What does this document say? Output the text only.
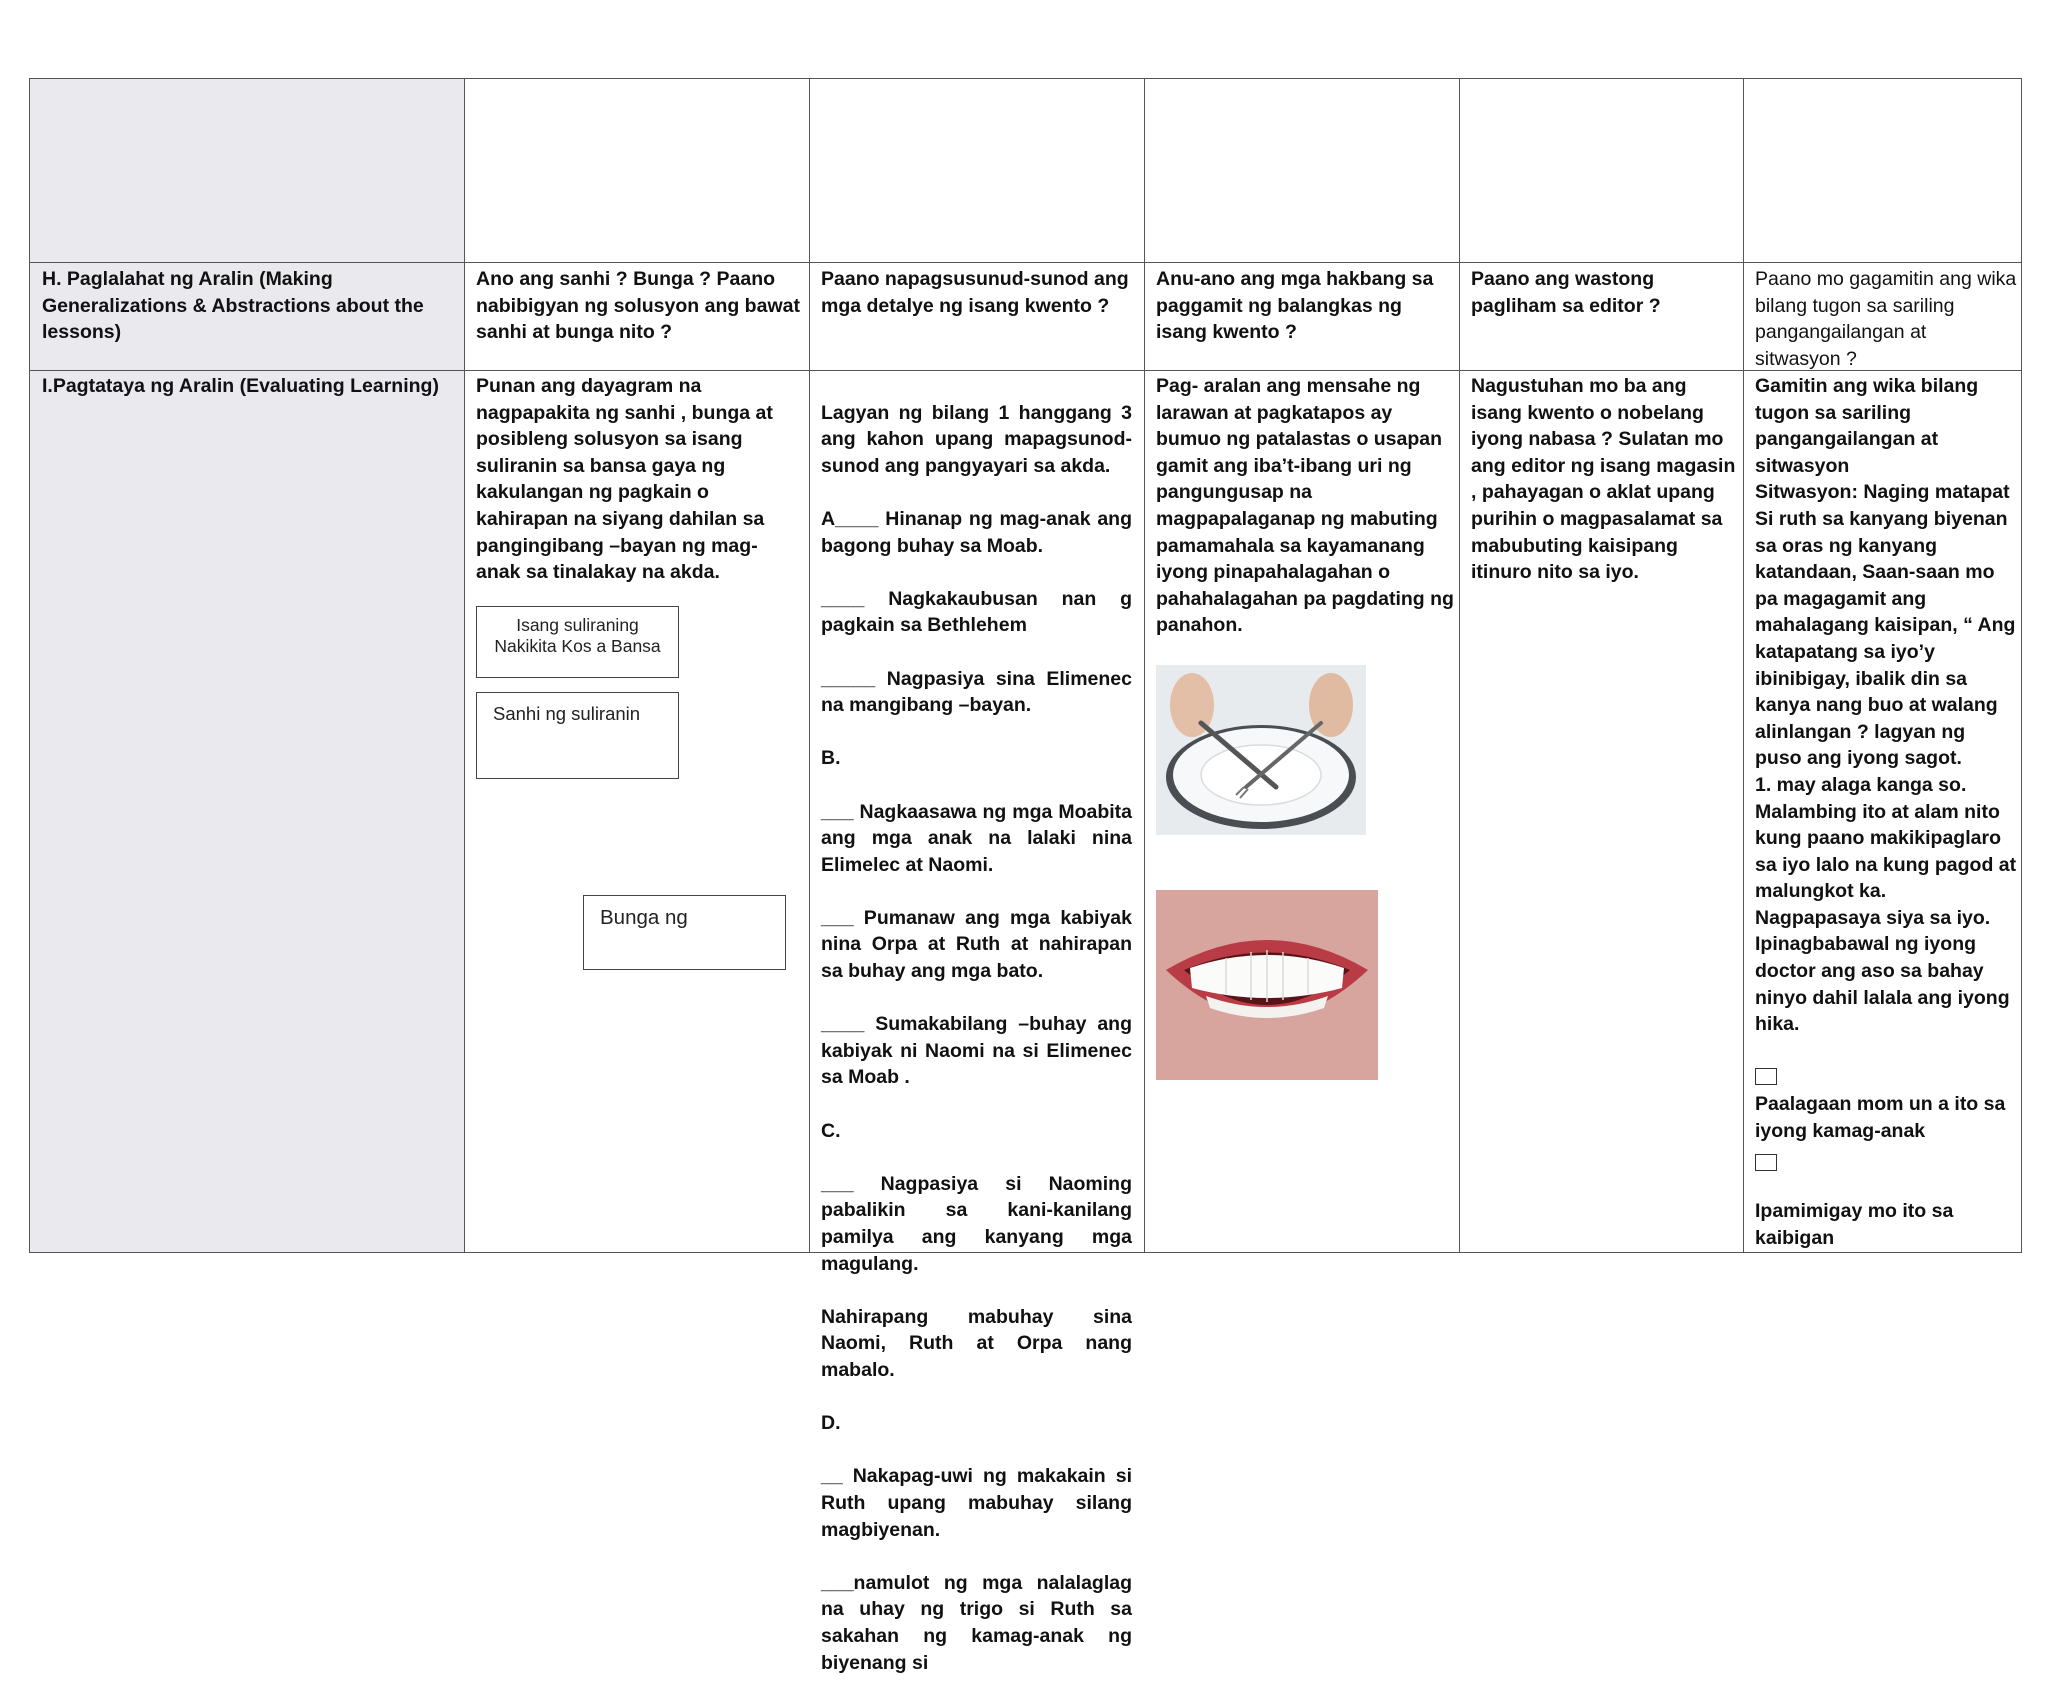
H. Paglalahat ng Aralin (Making Generalizations & Abstractions about the lessons)
Ano ang sanhi ? Bunga ? Paano nabibigyan ng solusyon ang bawat sanhi at bunga nito ?
Paano napagsusunud-sunod ang mga detalye ng isang kwento ?
Anu-ano ang mga hakbang sa paggamit ng balangkas ng isang kwento ?
Paano ang wastong pagliham sa editor ?
Paano mo gagamitin ang wika bilang tugon sa sariling pangangailangan at sitwasyon ?
I.Pagtataya ng Aralin (Evaluating Learning)	Punan ang dayagram na nagpapakita ng sanhi , bunga at posibleng solusyon sa isang suliranin sa bansa gaya ng kakulangan ng pagkain o kahirapan na siyang dahilan sa pangingibang –bayan ng mag-anak sa tinalakay na akda.
Isang suliraning
Nakikita Kos a Bansa
Sanhi ng suliranin
Bunga ng

Lagyan ng bilang 1 hanggang 3 ang kahon upang mapagsunod-sunod ang pangyayari sa akda.

A____ Hinanap ng mag-anak ang bagong buhay sa Moab.

____ Nagkakaubusan nan g pagkain sa Bethlehem

_____ Nagpasiya sina Elimenec na mangibang –bayan.

B.

___ Nagkaasawa ng mga Moabita ang mga anak na lalaki nina Elimelec at Naomi.

___ Pumanaw ang mga kabiyak nina Orpa at Ruth at nahirapan sa buhay ang mga bato.

____ Sumakabilang –buhay ang kabiyak ni Naomi na si Elimenec sa Moab .

C.

___ Nagpasiya si Naoming pabalikin sa kani-kanilang pamilya ang kanyang mga magulang.

Nahirapang mabuhay sina Naomi, Ruth at Orpa nang mabalo.

D.

__ Nakapag-uwi ng makakain si Ruth upang mabuhay silang magbiyenan.

___namulot ng mga nalalaglag na uhay ng trigo si Ruth sa sakahan ng kamag-anak ng biyenang si

Pag- aralan ang mensahe ng larawan at pagkatapos ay bumuo ng patalastas o usapan gamit ang iba’t-ibang uri ng pangungusap na magpapalaganap ng mabuting pamamahala sa kayamanang iyong pinapahalagahan o pahahalagahan pa pagdating ng panahon.
Nagustuhan mo ba ang isang kwento o nobelang iyong nabasa ? Sulatan mo ang editor ng isang magasin , pahayagan o aklat upang purihin o magpasalamat sa mabubuting kaisipang itinuro nito sa iyo.
Gamitin ang wika bilang tugon sa sariling pangangailangan at sitwasyon
Sitwasyon: Naging matapat
Si ruth sa kanyang biyenan sa oras ng kanyang katandaan, Saan-saan mo pa magagamit ang mahalagang kaisipan, “ Ang katapatang sa iyo’y ibinibigay, ibalik din sa kanya nang buo at walang alinlangan ? lagyan ng puso ang iyong sagot.
1. may alaga kanga so. Malambing ito at alam nito kung paano makikipaglaro sa iyo lalo na kung pagod at malungkot ka.
Nagpapasaya siya sa iyo.
Ipinagbabawal ng iyong doctor ang aso sa bahay ninyo dahil lalala ang iyong hika.
Paalagaan mom un a ito sa iyong kamag-anak
Ipamimigay mo ito sa kaibigan
